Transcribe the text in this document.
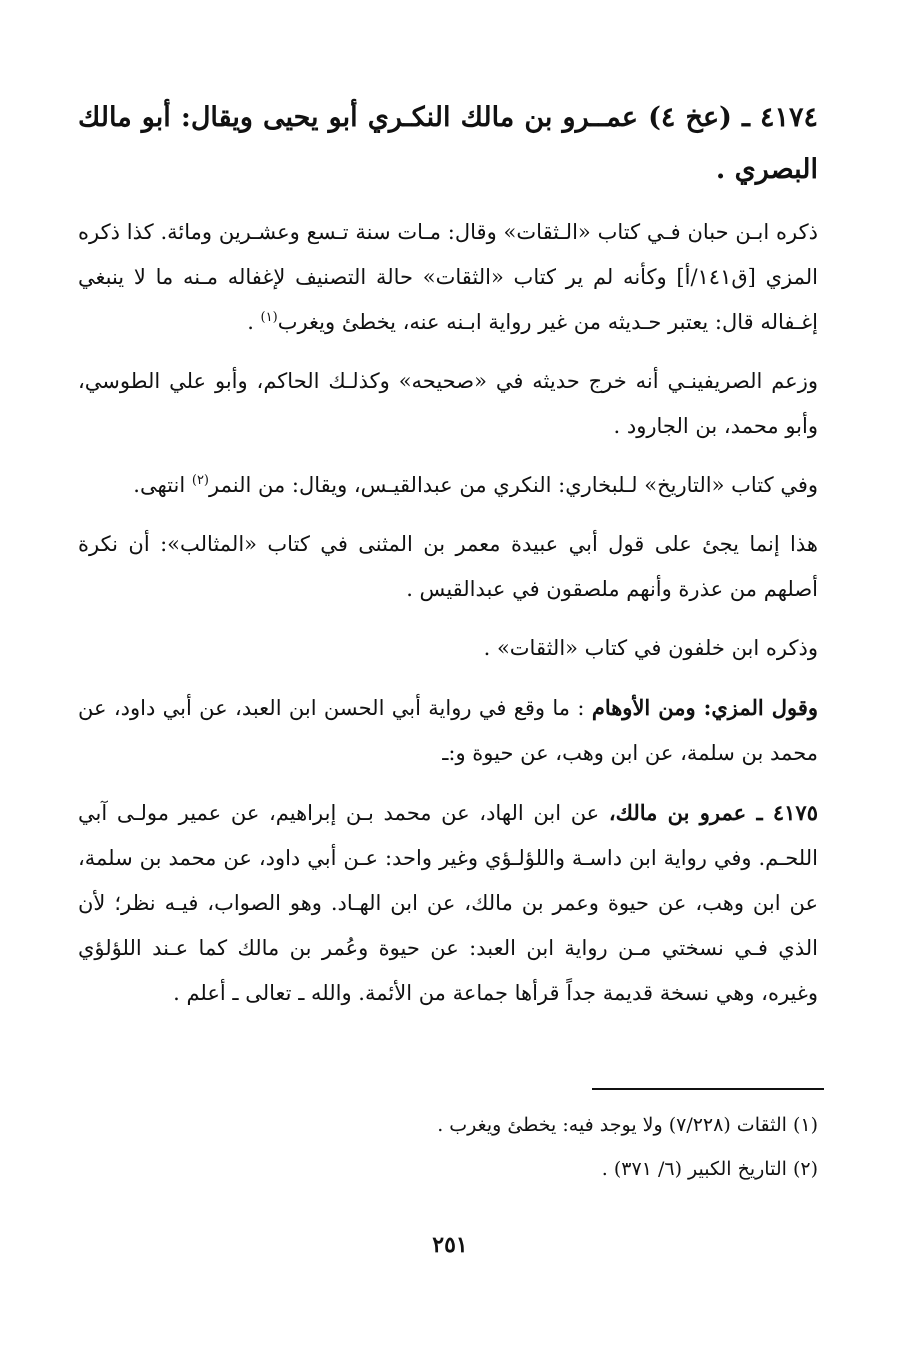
٤١٧٤ ـ (عخ ٤) عمــرو بن مالك النكـري أبو يحيى ويقال: أبو مالك البصري .
ذكره ابـن حبان فـي كتاب «الـثقات» وقال: مـات سنة تـسع وعشـرين ومائة. كذا ذكره المزي [ق١٤١/أ] وكأنه لم ير كتاب «الثقات» حالة التصنيف لإغفاله مـنه ما لا ينبغي إغـفاله قال: يعتبر حـديثه من غير رواية ابـنه عنه، يخطئ ويغرب$^{(١)}$ .
وزعم الصريفينـي أنه خرج حديثه في «صحيحه» وكذلـك الحاكم، وأبو علي الطوسي، وأبو محمد، بن الجارود .
وفي كتاب «التاريخ» لـلبخاري: النكري من عبدالقيـس، ويقال: من النمر$^{(٢)}$ انتهى.
هذا إنما يجئ على قول أبي عبيدة معمر بن المثنى في كتاب «المثالب»: أن نكرة أصلهم من عذرة وأنهم ملصقون في عبدالقيس .
وذكره ابن خلفون في كتاب «الثقات» .
وقول المزي: ومن الأوهام : ما وقع في رواية أبي الحسن ابن العبد، عن أبي داود، عن محمد بن سلمة، عن ابن وهب، عن حيوة و:ـ
٤١٧٥ ـ عمرو بن مالك، عن ابن الهاد، عن محمد بـن إبراهيم، عن عمير مولـى آبي اللحـم. وفي رواية ابن داسـة واللؤلـؤي وغير واحد: عـن أبي داود، عن محمد بن سلمة، عن ابن وهب، عن حيوة وعمر بن مالك، عن ابن الهـاد. وهو الصواب، فيـه نظر؛ لأن الذي فـي نسختي مـن رواية ابن العبد: عن حيوة وعُمر بن مالك كما عـند اللؤلؤي وغيره، وهي نسخة قديمة جداً قرأها جماعة من الأئمة. والله ـ تعالى ـ أعلم .
(١) الثقات (٧/٢٢٨) ولا يوجد فيه: يخطئ ويغرب .
(٢) التاريخ الكبير (٦/ ٣٧١) .
٢٥١
